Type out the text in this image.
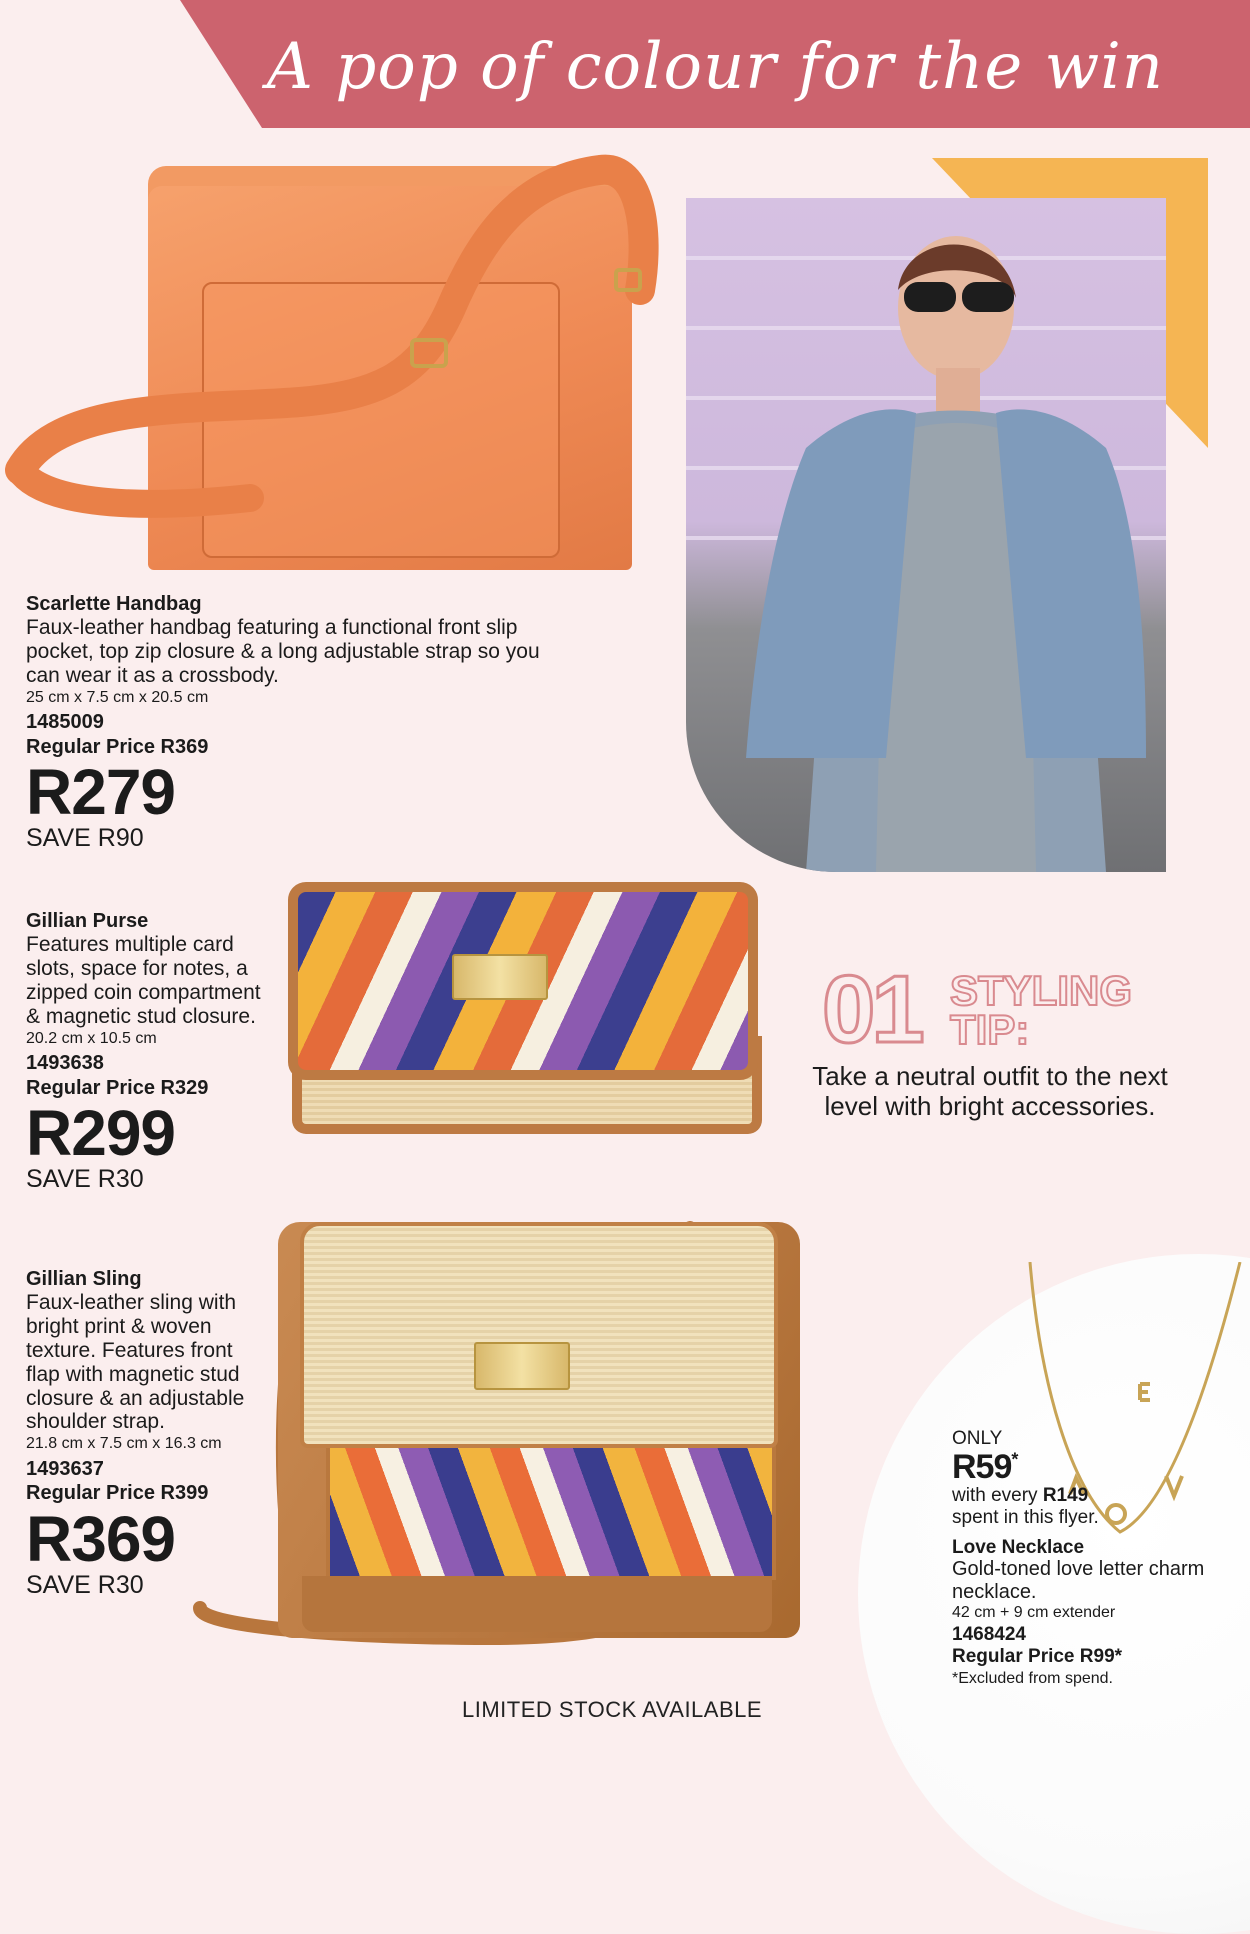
A pop of colour for the win
Scarlette Handbag
Faux-leather handbag featuring a functional front slip pocket, top zip closure & a long adjustable strap so you can wear it as a crossbody.
25 cm x 7.5 cm x 20.5 cm
1485009
Regular Price R369
R279
SAVE R90
Gillian Purse
Features multiple card slots, space for notes, a zipped coin compartment & magnetic stud closure.
20.2 cm x 10.5 cm
1493638
Regular Price R329
R299
SAVE R30
01 STYLING
TIP:
Take a neutral outfit to the next level with bright accessories.
Gillian Sling
Faux-leather sling with bright print & woven texture. Features front flap with magnetic stud closure & an adjustable shoulder strap.
21.8 cm x 7.5 cm x 16.3 cm
1493637
Regular Price R399
R369
SAVE R30
ONLY
R59*
with every R149
spent in this flyer.
Love Necklace
Gold-toned love letter charm necklace.
42 cm + 9 cm extender
1468424
Regular Price R99*
*Excluded from spend.
LIMITED STOCK AVAILABLE
